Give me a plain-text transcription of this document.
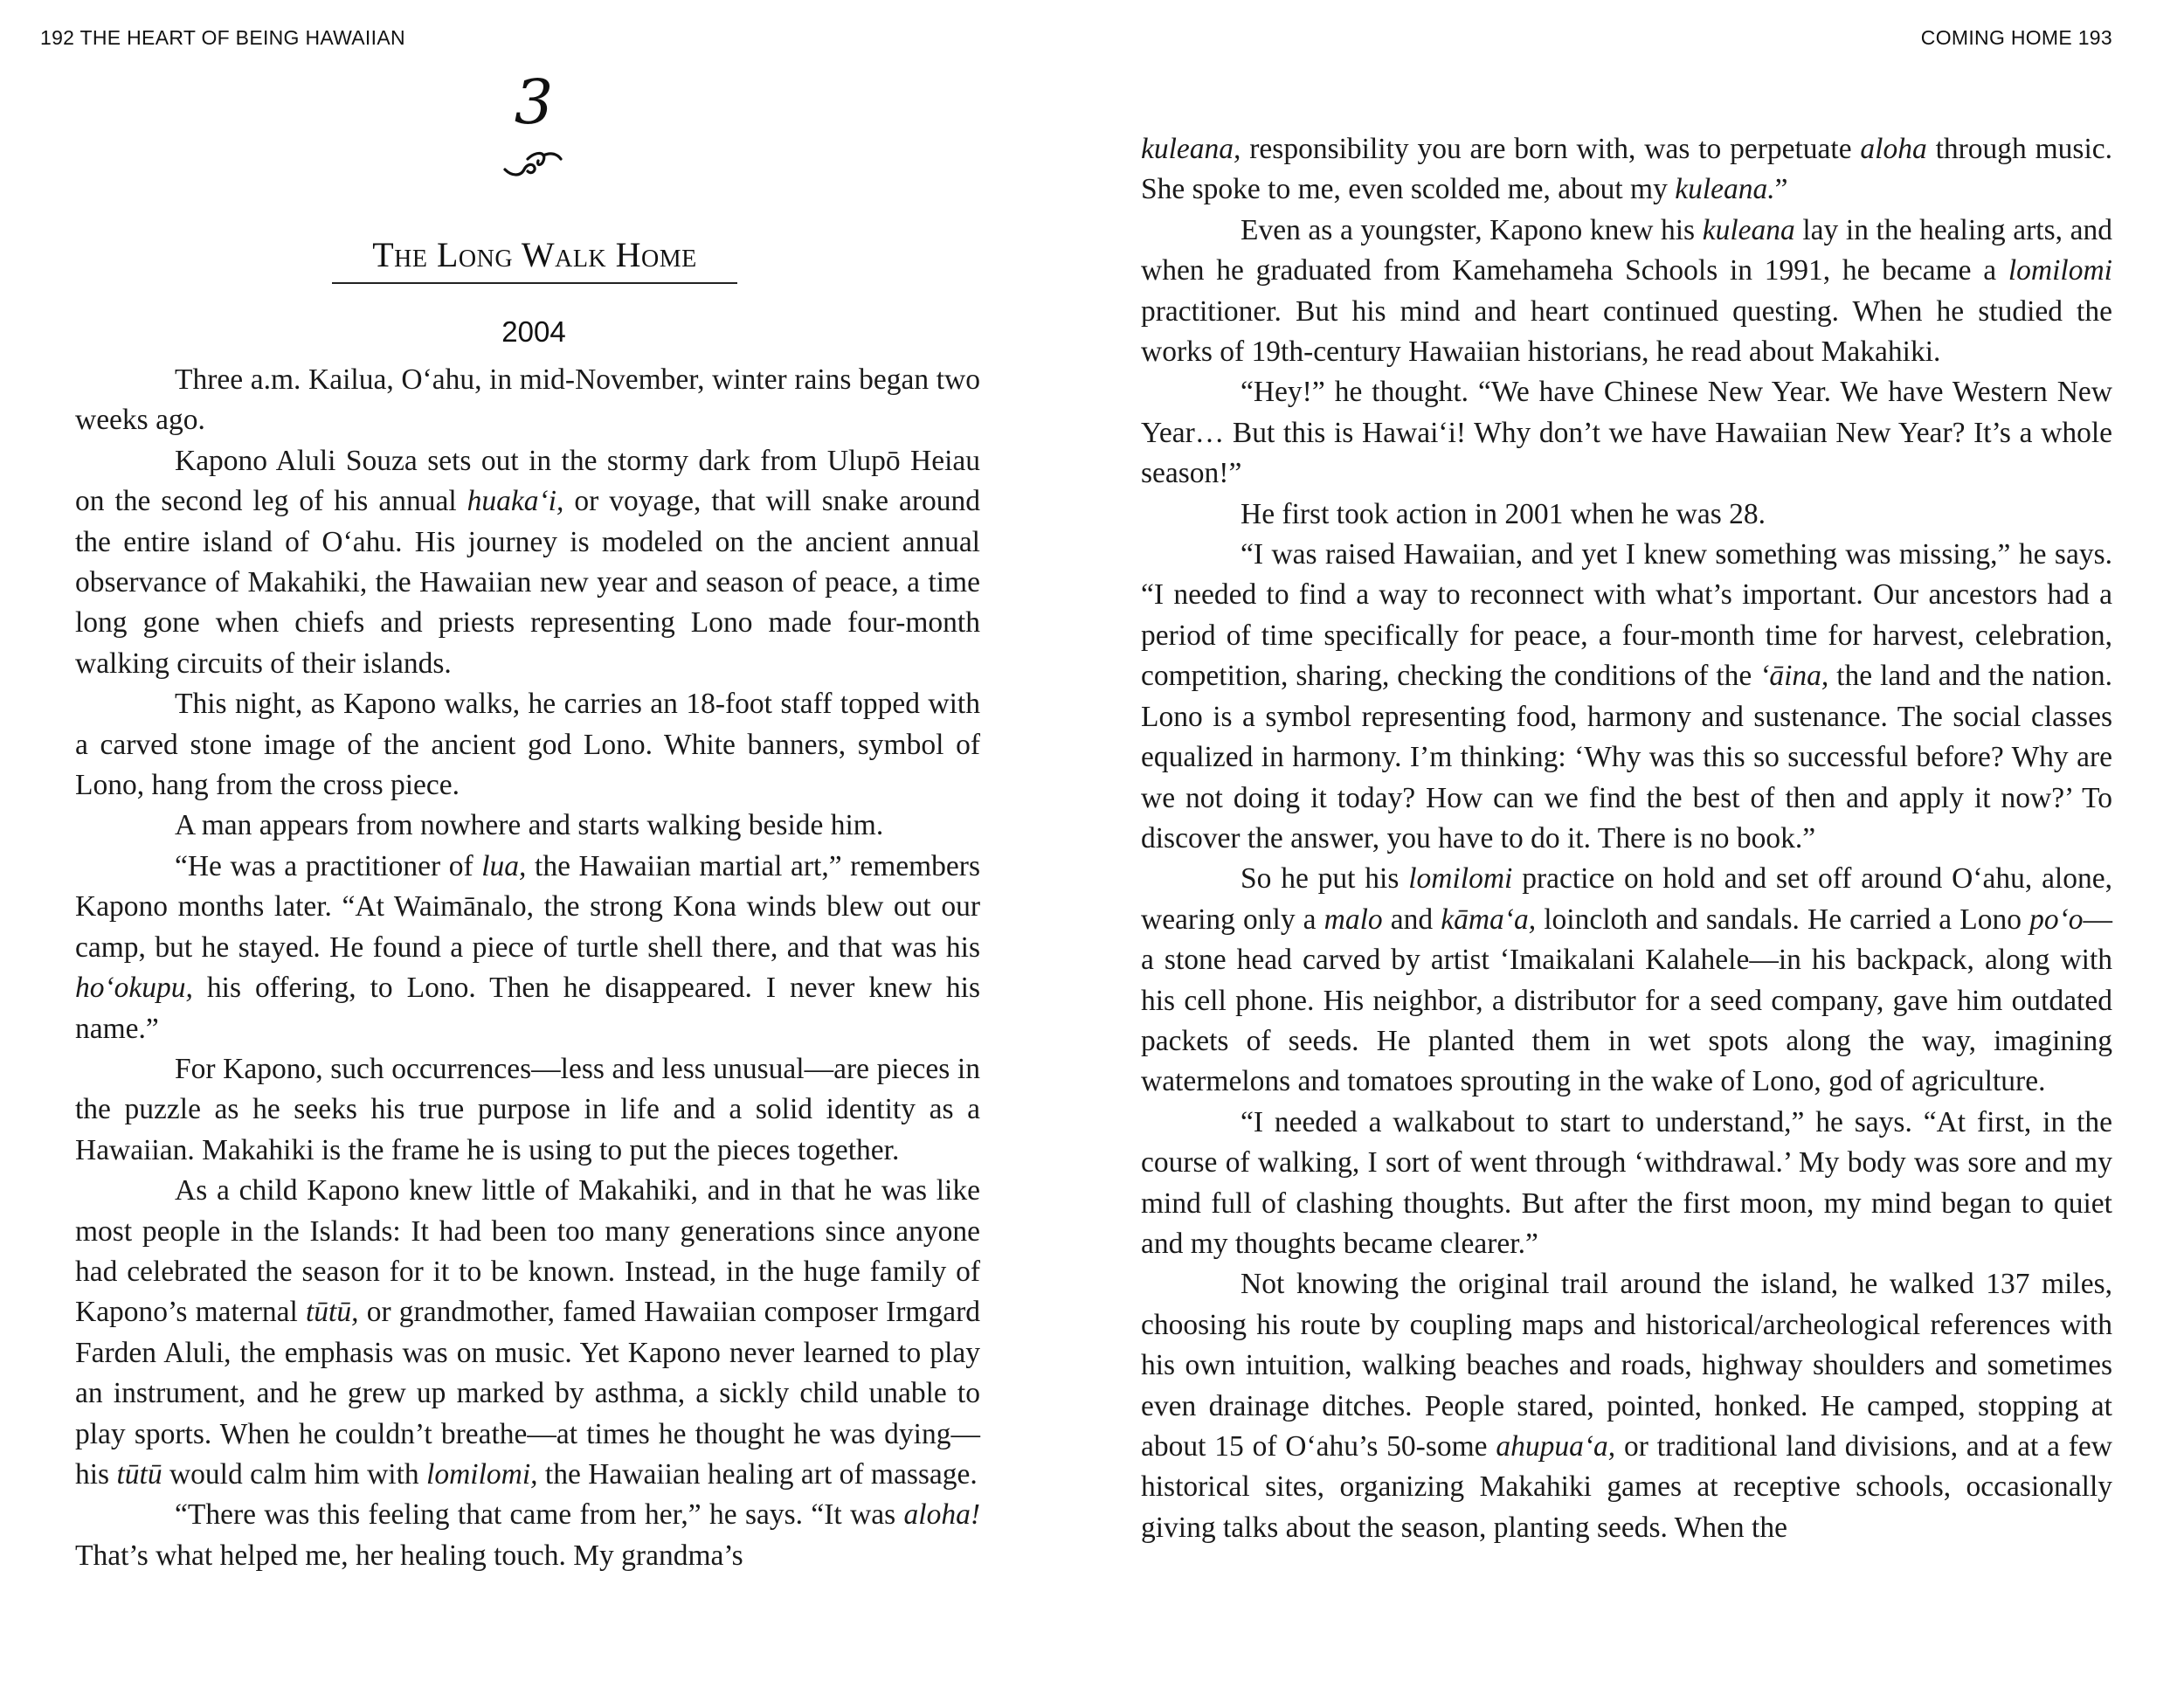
192 THE HEART OF BEING HAWAIIAN
3
The Long Walk Home
2004

Three a.m. Kailua, O‘ahu, in mid-November, winter rains began two weeks ago.

Kapono Aluli Souza sets out in the stormy dark from Ulupō Heiau on the second leg of his annual huaka‘i, or voyage, that will snake around the entire island of O‘ahu. His journey is modeled on the ancient annual observance of Makahiki, the Hawaiian new year and season of peace, a time long gone when chiefs and priests representing Lono made four-month walking circuits of their islands.

This night, as Kapono walks, he carries an 18-foot staff topped with a carved stone image of the ancient god Lono. White banners, symbol of Lono, hang from the cross piece.

A man appears from nowhere and starts walking beside him.

“He was a practitioner of lua, the Hawaiian martial art,” remembers Kapono months later. “At Waimānalo, the strong Kona winds blew out our camp, but he stayed. He found a piece of turtle shell there, and that was his ho‘okupu, his offering, to Lono. Then he disappeared. I never knew his name.”

For Kapono, such occurrences—less and less unusual—are pieces in the puzzle as he seeks his true purpose in life and a solid identity as a Hawaiian. Makahiki is the frame he is using to put the pieces together.

As a child Kapono knew little of Makahiki, and in that he was like most people in the Islands: It had been too many generations since anyone had celebrated the season for it to be known. Instead, in the huge family of Kapono’s maternal tūtū, or grandmother, famed Hawaiian composer Irmgard Farden Aluli, the emphasis was on music. Yet Kapono never learned to play an instrument, and he grew up marked by asthma, a sickly child unable to play sports. When he couldn’t breathe—at times he thought he was dying—his tūtū would calm him with lomilomi, the Hawaiian healing art of massage.

“There was this feeling that came from her,” he says. “It was aloha! That’s what helped me, her healing touch. My grandma’s

COMING HOME 193

kuleana, responsibility you are born with, was to perpetuate aloha through music. She spoke to me, even scolded me, about my kuleana.”

Even as a youngster, Kapono knew his kuleana lay in the healing arts, and when he graduated from Kamehameha Schools in 1991, he became a lomilomi practitioner. But his mind and heart continued questing. When he studied the works of 19th-century Hawaiian historians, he read about Makahiki.

“Hey!” he thought. “We have Chinese New Year. We have Western New Year… But this is Hawai‘i! Why don’t we have Hawaiian New Year? It’s a whole season!”

He first took action in 2001 when he was 28.

“I was raised Hawaiian, and yet I knew something was missing,” he says. “I needed to find a way to reconnect with what’s important. Our ancestors had a period of time specifically for peace, a four-month time for harvest, celebration, competition, sharing, checking the conditions of the ‘āina, the land and the nation. Lono is a symbol representing food, harmony and sustenance. The social classes equalized in harmony. I’m thinking: ‘Why was this so successful before? Why are we not doing it today? How can we find the best of then and apply it now?’ To discover the answer, you have to do it. There is no book.”

So he put his lomilomi practice on hold and set off around O‘ahu, alone, wearing only a malo and kāma‘a, loincloth and sandals. He carried a Lono po‘o—a stone head carved by artist ‘Imaikalani Kalahele—in his backpack, along with his cell phone. His neighbor, a distributor for a seed company, gave him outdated packets of seeds. He planted them in wet spots along the way, imagining watermelons and tomatoes sprouting in the wake of Lono, god of agriculture.

“I needed a walkabout to start to understand,” he says. “At first, in the course of walking, I sort of went through ‘withdrawal.’ My body was sore and my mind full of clashing thoughts. But after the first moon, my mind began to quiet and my thoughts became clearer.”

Not knowing the original trail around the island, he walked 137 miles, choosing his route by coupling maps and historical/archeological references with his own intuition, walking beaches and roads, highway shoulders and sometimes even drainage ditches. People stared, pointed, honked. He camped, stopping at about 15 of O‘ahu’s 50-some ahupua‘a, or traditional land divisions, and at a few historical sites, organizing Makahiki games at receptive schools, occasionally giving talks about the season, planting seeds. When the
